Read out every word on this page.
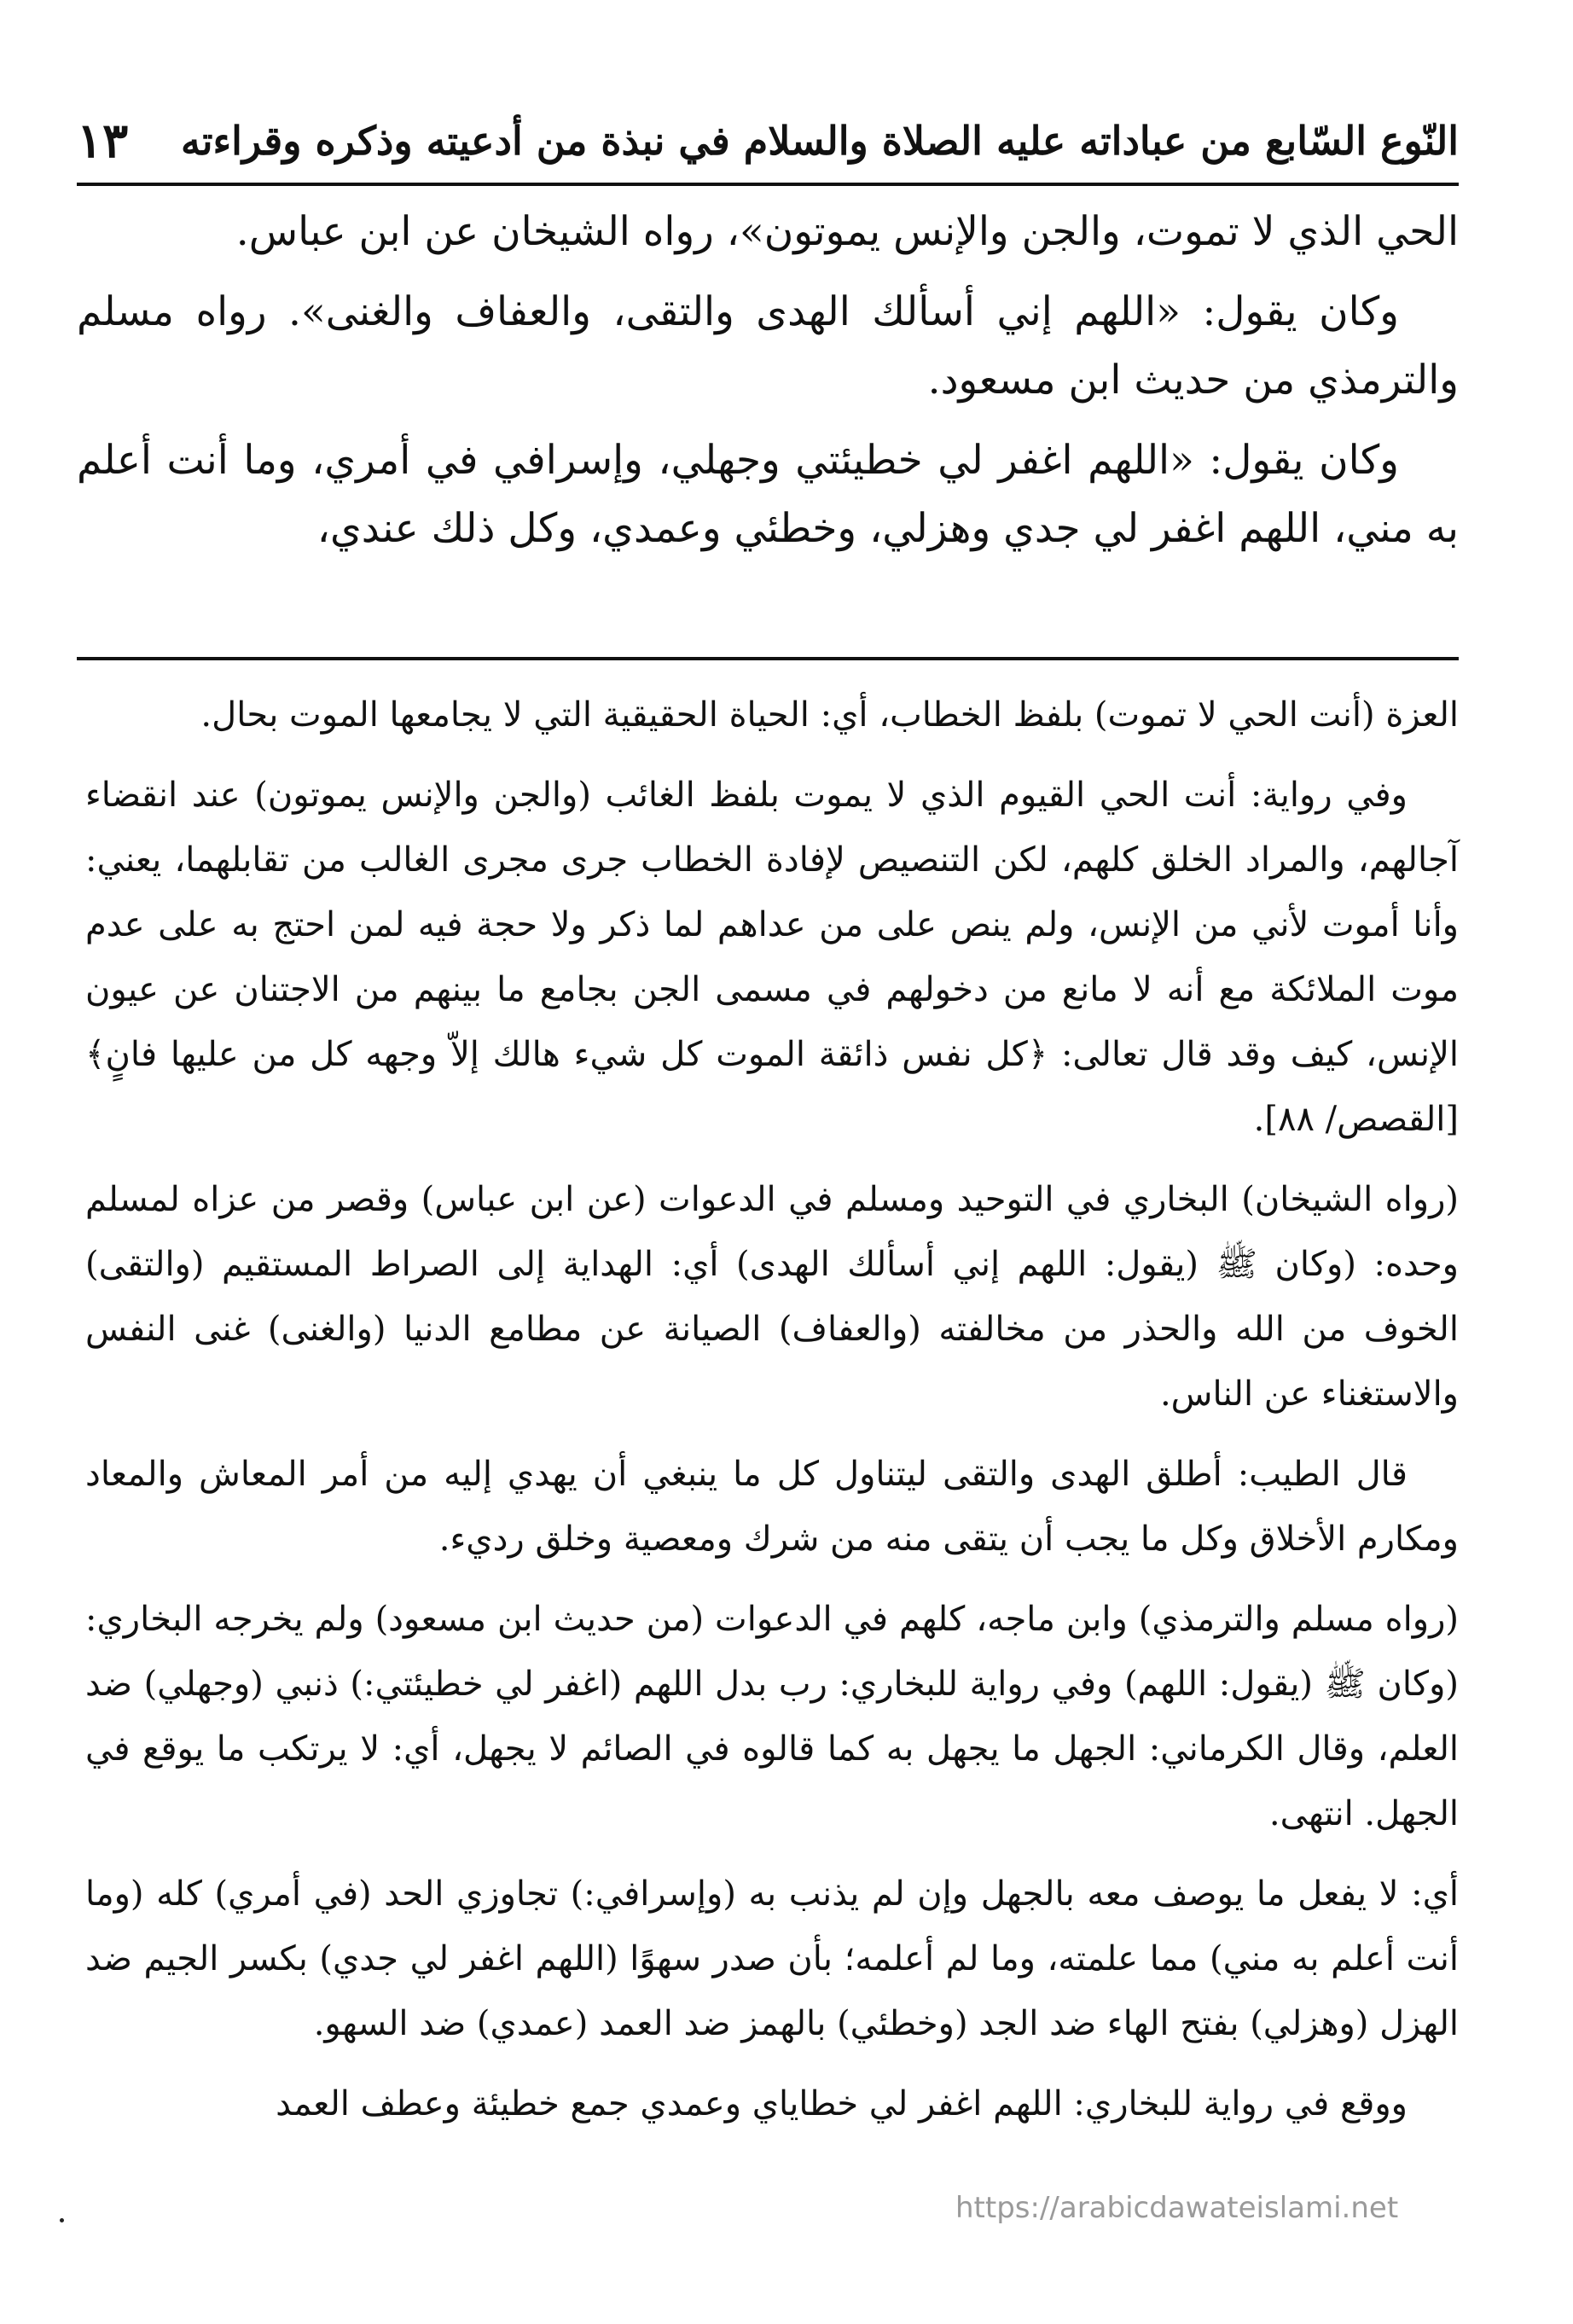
النّوع السّابع من عباداته عليه الصلاة والسلام في نبذة من أدعيته وذكره وقراءته
١٣

الحي الذي لا تموت، والجن والإنس يموتون»، رواه الشيخان عن ابن عباس.

وكان يقول: «اللهم إني أسألك الهدى والتقى، والعفاف والغنى». رواه مسلم والترمذي من حديث ابن مسعود.

وكان يقول: «اللهم اغفر لي خطيئتي وجهلي، وإسرافي في أمري، وما أنت أعلم به مني، اللهم اغفر لي جدي وهزلي، وخطئي وعمدي، وكل ذلك عندي،

العزة (أنت الحي لا تموت) بلفظ الخطاب، أي: الحياة الحقيقية التي لا يجامعها الموت بحال.

وفي رواية: أنت الحي القيوم الذي لا يموت بلفظ الغائب (والجن والإنس يموتون) عند انقضاء آجالهم، والمراد الخلق كلهم، لكن التنصيص لإفادة الخطاب جرى مجرى الغالب من تقابلهما، يعني: وأنا أموت لأني من الإنس، ولم ينص على من عداهم لما ذكر ولا حجة فيه لمن احتج به على عدم موت الملائكة مع أنه لا مانع من دخولهم في مسمى الجن بجامع ما بينهم من الاجتنان عن عيون الإنس، كيف وقد قال تعالى: ﴿كل نفس ذائقة الموت كل شيء هالك إلاّ وجهه كل من عليها فانٍ﴾ [القصص/ ٨٨].

(رواه الشيخان) البخاري في التوحيد ومسلم في الدعوات (عن ابن عباس) وقصر من عزاه لمسلم وحده: (وكان ﷺ (يقول: اللهم إني أسألك الهدى) أي: الهداية إلى الصراط المستقيم (والتقى) الخوف من الله والحذر من مخالفته (والعفاف) الصيانة عن مطامع الدنيا (والغنى) غنى النفس والاستغناء عن الناس.

قال الطيب: أطلق الهدى والتقى ليتناول كل ما ينبغي أن يهدي إليه من أمر المعاش والمعاد ومكارم الأخلاق وكل ما يجب أن يتقى منه من شرك ومعصية وخلق رديء.

(رواه مسلم والترمذي) وابن ماجه، كلهم في الدعوات (من حديث ابن مسعود) ولم يخرجه البخاري: (وكان ﷺ (يقول: اللهم) وفي رواية للبخاري: رب بدل اللهم (اغفر لي خطيئتي:) ذنبي (وجهلي) ضد العلم، وقال الكرماني: الجهل ما يجهل به كما قالوه في الصائم لا يجهل، أي: لا يرتكب ما يوقع في الجهل. انتهى.

أي: لا يفعل ما يوصف معه بالجهل وإن لم يذنب به (وإسرافي:) تجاوزي الحد (في أمري) كله (وما أنت أعلم به مني) مما علمته، وما لم أعلمه؛ بأن صدر سهوًا (اللهم اغفر لي جدي) بكسر الجيم ضد الهزل (وهزلي) بفتح الهاء ضد الجد (وخطئي) بالهمز ضد العمد (عمدي) ضد السهو.

ووقع في رواية للبخاري: اللهم اغفر لي خطاياي وعمدي جمع خطيئة وعطف العمد

https://arabicdawateislami.net
